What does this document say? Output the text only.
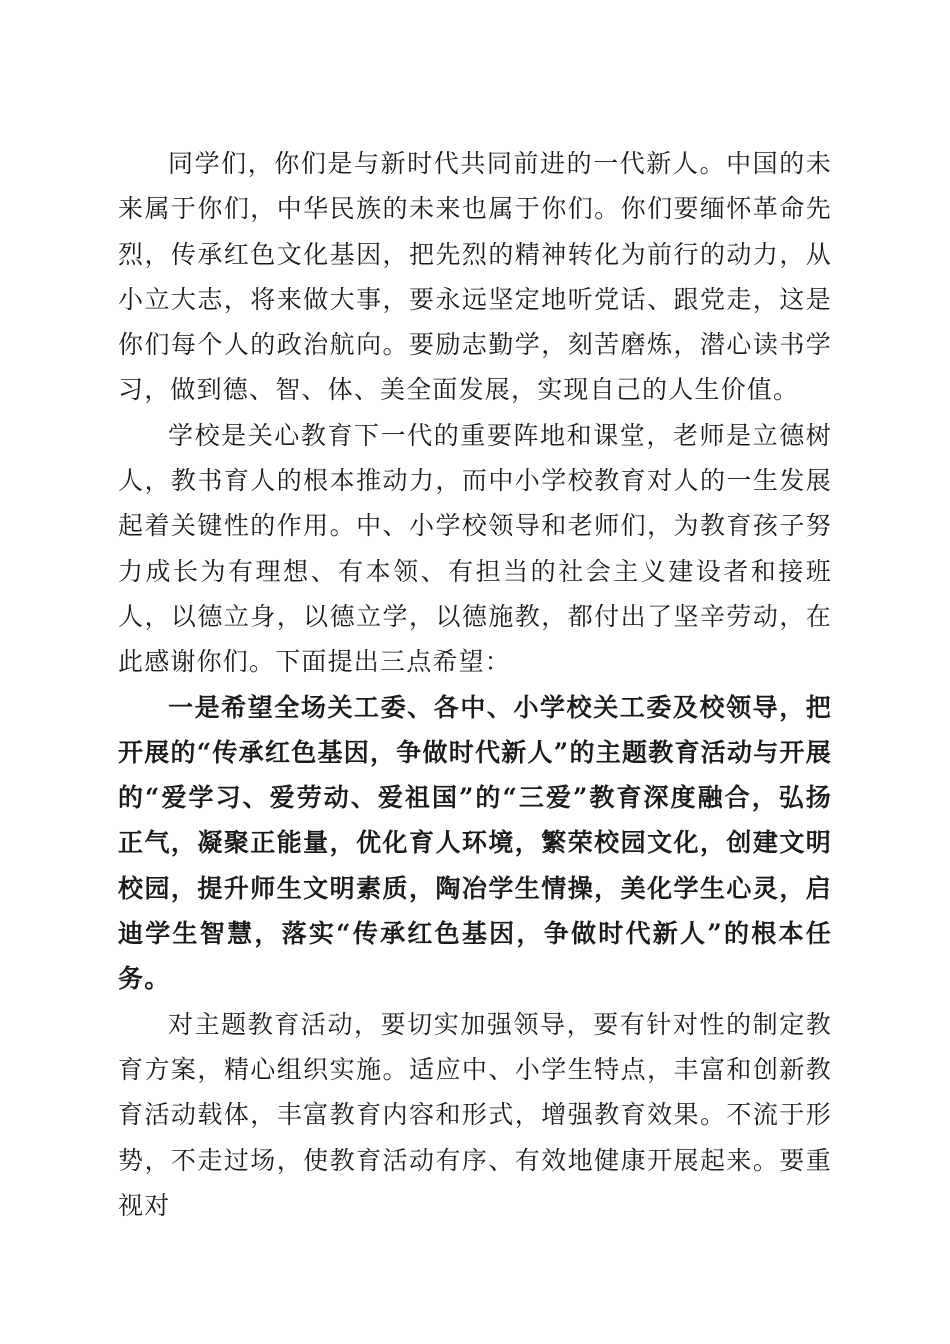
同学们，你们是与新时代共同前进的一代新人。中国的未来属于你们，中华民族的未来也属于你们。你们要缅怀革命先烈，传承红色文化基因，把先烈的精神转化为前行的动力，从小立大志，将来做大事，要永远坚定地听党话、跟党走，这是你们每个人的政治航向。要励志勤学，刻苦磨炼，潜心读书学习，做到德、智、体、美全面发展，实现自己的人生价值。

学校是关心教育下一代的重要阵地和课堂，老师是立德树人，教书育人的根本推动力，而中小学校教育对人的一生发展起着关键性的作用。中、小学校领导和老师们，为教育孩子努力成长为有理想、有本领、有担当的社会主义建设者和接班人，以德立身，以德立学，以德施教，都付出了坚辛劳动，在此感谢你们。下面提出三点希望：

一是希望全场关工委、各中、小学校关工委及校领导，把开展的“传承红色基因，争做时代新人”的主题教育活动与开展的“爱学习、爱劳动、爱祖国”的“三爱”教育深度融合，弘扬正气，凝聚正能量，优化育人环境，繁荣校园文化，创建文明校园，提升师生文明素质，陶冶学生情操，美化学生心灵，启迪学生智慧，落实“传承红色基因，争做时代新人”的根本任务。

对主题教育活动，要切实加强领导，要有针对性的制定教育方案，精心组织实施。适应中、小学生特点，丰富和创新教育活动载体，丰富教育内容和形式，增强教育效果。不流于形势，不走过场，使教育活动有序、有效地健康开展起来。要重视对
